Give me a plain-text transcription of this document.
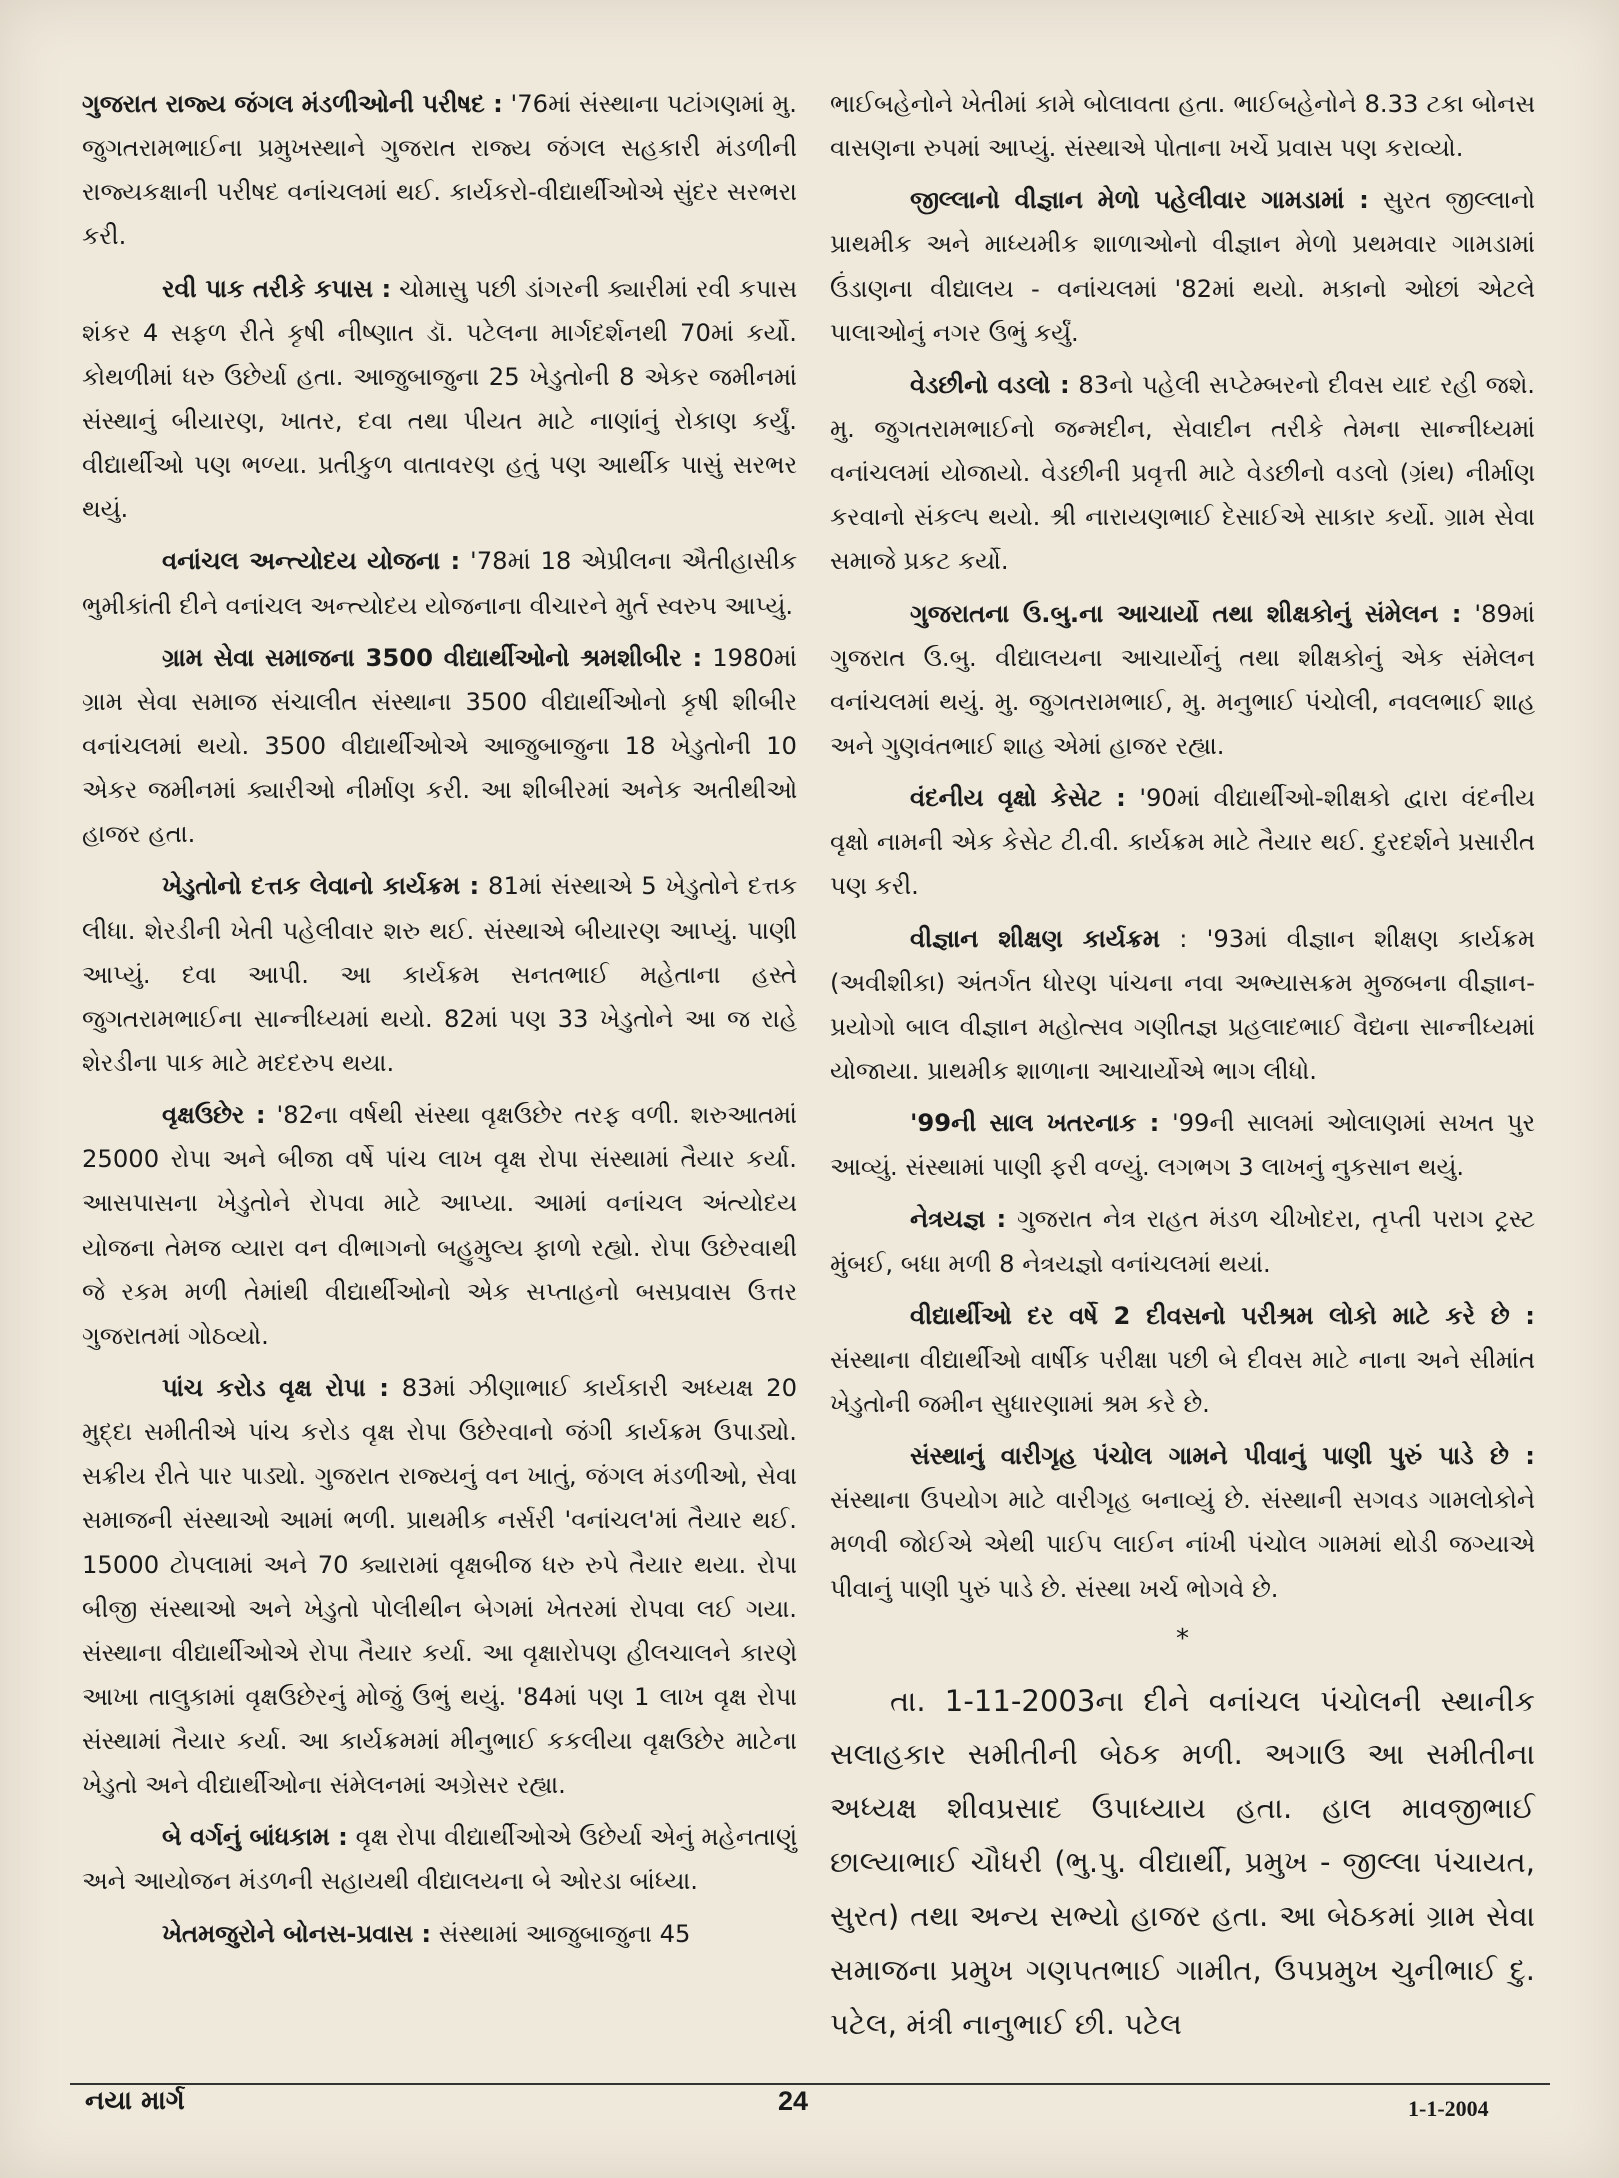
ગુજરાત રાજ્ય જંગલ મંડળીઓની પરીષદ : '76માં સંસ્થાના પટાંગણમાં મુ. જુગતરામભાઈના પ્રમુખસ્થાને ગુજરાત રાજ્ય જંગલ સહકારી મંડળીની રાજ્યકક્ષાની પરીષદ વનાંચલમાં થઈ. કાર્યકરો-વીદ્યાર્થીઓએ સુંદર સરભરા કરી.

રવી પાક તરીકે કપાસ : ચોમાસુ પછી ડાંગરની ક્યારીમાં રવી કપાસ શંકર 4 સફળ રીતે કૃષી નીષ્ણાત ડૉ. પટેલના માર્ગદર્શનથી 70માં કર્યો. કોથળીમાં ધરુ ઉછેર્યા હતા. આજુબાજુના 25 ખેડુતોની 8 એકર જમીનમાં સંસ્થાનું બીયારણ, ખાતર, દવા તથા પીયત માટે નાણાંનું રોકાણ કર્યું. વીદ્યાર્થીઓ પણ ભળ્યા. પ્રતીકુળ વાતાવરણ હતું પણ આર્થીક પાસું સરભર થયું.

વનાંચલ અન્ત્યોદય યોજના : '78માં 18 એપ્રીલના ઐતીહાસીક ભુમીકાંતી દીને વનાંચલ અન્ત્યોદય યોજનાના વીચારને મુર્ત સ્વરુપ આપ્યું.

ગ્રામ સેવા સમાજના 3500 વીદ્યાર્થીઓનો શ્રમશીબીર : 1980માં ગ્રામ સેવા સમાજ સંચાલીત સંસ્થાના 3500 વીદ્યાર્થીઓનો કૃષી શીબીર વનાંચલમાં થયો. 3500 વીદ્યાર્થીઓએ આજુબાજુના 18 ખેડુતોની 10 એકર જમીનમાં ક્યારીઓ નીર્માણ કરી. આ શીબીરમાં અનેક અતીથીઓ હાજર હતા.

ખેડુતોનો દત્તક લેવાનો કાર્યક્રમ : 81માં સંસ્થાએ 5 ખેડુતોને દત્તક લીધા. શેરડીની ખેતી પહેલીવાર શરુ થઈ. સંસ્થાએ બીયારણ આપ્યું. પાણી આપ્યું. દવા આપી. આ કાર્યક્રમ સનતભાઈ મહેતાના હસ્તે જુગતરામભાઈના સાન્નીધ્યમાં થયો. 82માં પણ 33 ખેડુતોને આ જ રાહે શેરડીના પાક માટે મદદરુપ થયા.

વૃક્ષઉછેર : '82ના વર્ષથી સંસ્થા વૃક્ષઉછેર તરફ વળી. શરુઆતમાં 25000 રોપા અને બીજા વર્ષે પાંચ લાખ વૃક્ષ રોપા સંસ્થામાં તૈયાર કર્યા. આસપાસના ખેડુતોને રોપવા માટે આપ્યા. આમાં વનાંચલ અંત્યોદય યોજના તેમજ વ્યારા વન વીભાગનો બહુમુલ્ય ફાળો રહ્યો. રોપા ઉછેરવાથી જે રકમ મળી તેમાંથી વીદ્યાર્થીઓનો એક સપ્તાહનો બસપ્રવાસ ઉત્તર ગુજરાતમાં ગોઠવ્યો.

પાંચ કરોડ વૃક્ષ રોપા : 83માં ઝીણાભાઈ કાર્યકારી અધ્યક્ષ 20 મુદ્દા સમીતીએ પાંચ કરોડ વૃક્ષ રોપા ઉછેરવાનો જંગી કાર્યક્રમ ઉપાડ્યો. સક્રીય રીતે પાર પાડ્યો. ગુજરાત રાજ્યનું વન ખાતું, જંગલ મંડળીઓ, સેવા સમાજની સંસ્થાઓ આમાં ભળી. પ્રાથમીક નર્સરી 'વનાંચલ'માં તૈયાર થઈ. 15000 ટોપલામાં અને 70 ક્યારામાં વૃક્ષબીજ ધરુ રુપે તૈયાર થયા. રોપા બીજી સંસ્થાઓ અને ખેડુતો પોલીથીન બેગમાં ખેતરમાં રોપવા લઈ ગયા. સંસ્થાના વીદ્યાર્થીઓએ રોપા તૈયાર કર્યા. આ વૃક્ષારોપણ હીલચાલને કારણે આખા તાલુકામાં વૃક્ષઉછેરનું મોજું ઉભું થયું. '84માં પણ 1 લાખ વૃક્ષ રોપા સંસ્થામાં તૈયાર કર્યા. આ કાર્યક્રમમાં મીનુભાઈ કકલીયા વૃક્ષઉછેર માટેના ખેડુતો અને વીદ્યાર્થીઓના સંમેલનમાં અગ્રેસર રહ્યા.

બે વર્ગનું બાંધકામ : વૃક્ષ રોપા વીદ્યાર્થીઓએ ઉછેર્યા એનું મહેનતાણું અને આયોજન મંડળની સહાયથી વીદ્યાલયના બે ઓરડા બાંધ્યા.

ખેતમજુરોને બોનસ-પ્રવાસ : સંસ્થામાં આજુબાજુના 45

ભાઈબહેનોને ખેતીમાં કામે બોલાવતા હતા. ભાઈબહેનોને 8.33 ટકા બોનસ વાસણના રુપમાં આપ્યું. સંસ્થાએ પોતાના ખર્ચે પ્રવાસ પણ કરાવ્યો.

જીલ્લાનો વીજ્ઞાન મેળો પહેલીવાર ગામડામાં : સુરત જીલ્લાનો પ્રાથમીક અને માધ્યમીક શાળાઓનો વીજ્ઞાન મેળો પ્રથમવાર ગામડામાં ઉંડાણના વીદ્યાલય - વનાંચલમાં '82માં થયો. મકાનો ઓછાં એટલે પાલાઓનું નગર ઉભું કર્યું.

વેડછીનો વડલો : 83નો પહેલી સપ્ટેમ્બરનો દીવસ યાદ રહી જશે. મુ. જુગતરામભાઈનો જન્મદીન, સેવાદીન તરીકે તેમના સાન્નીધ્યમાં વનાંચલમાં યોજાયો. વેડછીની પ્રવૃત્તી માટે વેડછીનો વડલો (ગ્રંથ) નીર્માણ કરવાનો સંકલ્પ થયો. શ્રી નારાયણભાઈ દેસાઈએ સાકાર કર્યો. ગ્રામ સેવા સમાજે પ્રકટ કર્યો.

ગુજરાતના ઉ.બુ.ના આચાર્યો તથા શીક્ષકોનું સંમેલન : '89માં ગુજરાત ઉ.બુ. વીદ્યાલયના આચાર્યોનું તથા શીક્ષકોનું એક સંમેલન વનાંચલમાં થયું. મુ. જુગતરામભાઈ, મુ. મનુભાઈ પંચોલી, નવલભાઈ શાહ અને ગુણવંતભાઈ શાહ એમાં હાજર રહ્યા.

વંદનીય વૃક્ષો કેસેટ : '90માં વીદ્યાર્થીઓ-શીક્ષકો દ્વારા વંદનીય વૃક્ષો નામની એક કેસેટ ટી.વી. કાર્યક્રમ માટે તૈયાર થઈ. દુરદર્શને પ્રસારીત પણ કરી.

વીજ્ઞાન શીક્ષણ કાર્યક્રમ : '93માં વીજ્ઞાન શીક્ષણ કાર્યક્રમ (અવીશીકા) અંતર્ગત ધોરણ પાંચના નવા અભ્યાસક્રમ મુજબના વીજ્ઞાન-પ્રયોગો બાલ વીજ્ઞાન મહોત્સવ ગણીતજ્ઞ પ્રહલાદભાઈ વૈદ્યના સાન્નીધ્યમાં યોજાયા. પ્રાથમીક શાળાના આચાર્યોએ ભાગ લીધો.

'99ની સાલ ખતરનાક : '99ની સાલમાં ઓલાણમાં સખત પુર આવ્યું. સંસ્થામાં પાણી ફરી વળ્યું. લગભગ 3 લાખનું નુકસાન થયું.

નેત્રયજ્ઞ : ગુજરાત નેત્ર રાહત મંડળ ચીખોદરા, તૃપ્તી પરાગ ટ્રસ્ટ મુંબઈ, બધા મળી 8 નેત્રયજ્ઞો વનાંચલમાં થયાં.

વીદ્યાર્થીઓ દર વર્ષે 2 દીવસનો પરીશ્રમ લોકો માટે કરે છે : સંસ્થાના વીદ્યાર્થીઓ વાર્ષીક પરીક્ષા પછી બે દીવસ માટે નાના અને સીમાંત ખેડુતોની જમીન સુધારણામાં શ્રમ કરે છે.

સંસ્થાનું વારીગૃહ પંચોલ ગામને પીવાનું પાણી પુરું પાડે છે : સંસ્થાના ઉપયોગ માટે વારીગૃહ બનાવ્યું છે. સંસ્થાની સગવડ ગામલોકોને મળવી જોઈએ એથી પાઈપ લાઈન નાંખી પંચોલ ગામમાં થોડી જગ્યાએ પીવાનું પાણી પુરું પાડે છે. સંસ્થા ખર્ચ ભોગવે છે.

*

તા. 1-11-2003ના દીને વનાંચલ પંચોલની સ્થાનીક સલાહકાર સમીતીની બેઠક મળી. અગાઉ આ સમીતીના અધ્યક્ષ શીવપ્રસાદ ઉપાધ્યાય હતા. હાલ માવજીભાઈ છાલ્યાભાઈ ચૌધરી (ભુ.પુ. વીદ્યાર્થી, પ્રમુખ - જીલ્લા પંચાયત, સુરત) તથા અન્ય સભ્યો હાજર હતા. આ બેઠકમાં ગ્રામ સેવા સમાજના પ્રમુખ ગણપતભાઈ ગામીત, ઉપપ્રમુખ ચુનીભાઈ દુ. પટેલ, મંત્રી નાનુભાઈ છી. પટેલ

નયા માર્ગ	24	1-1-2004
